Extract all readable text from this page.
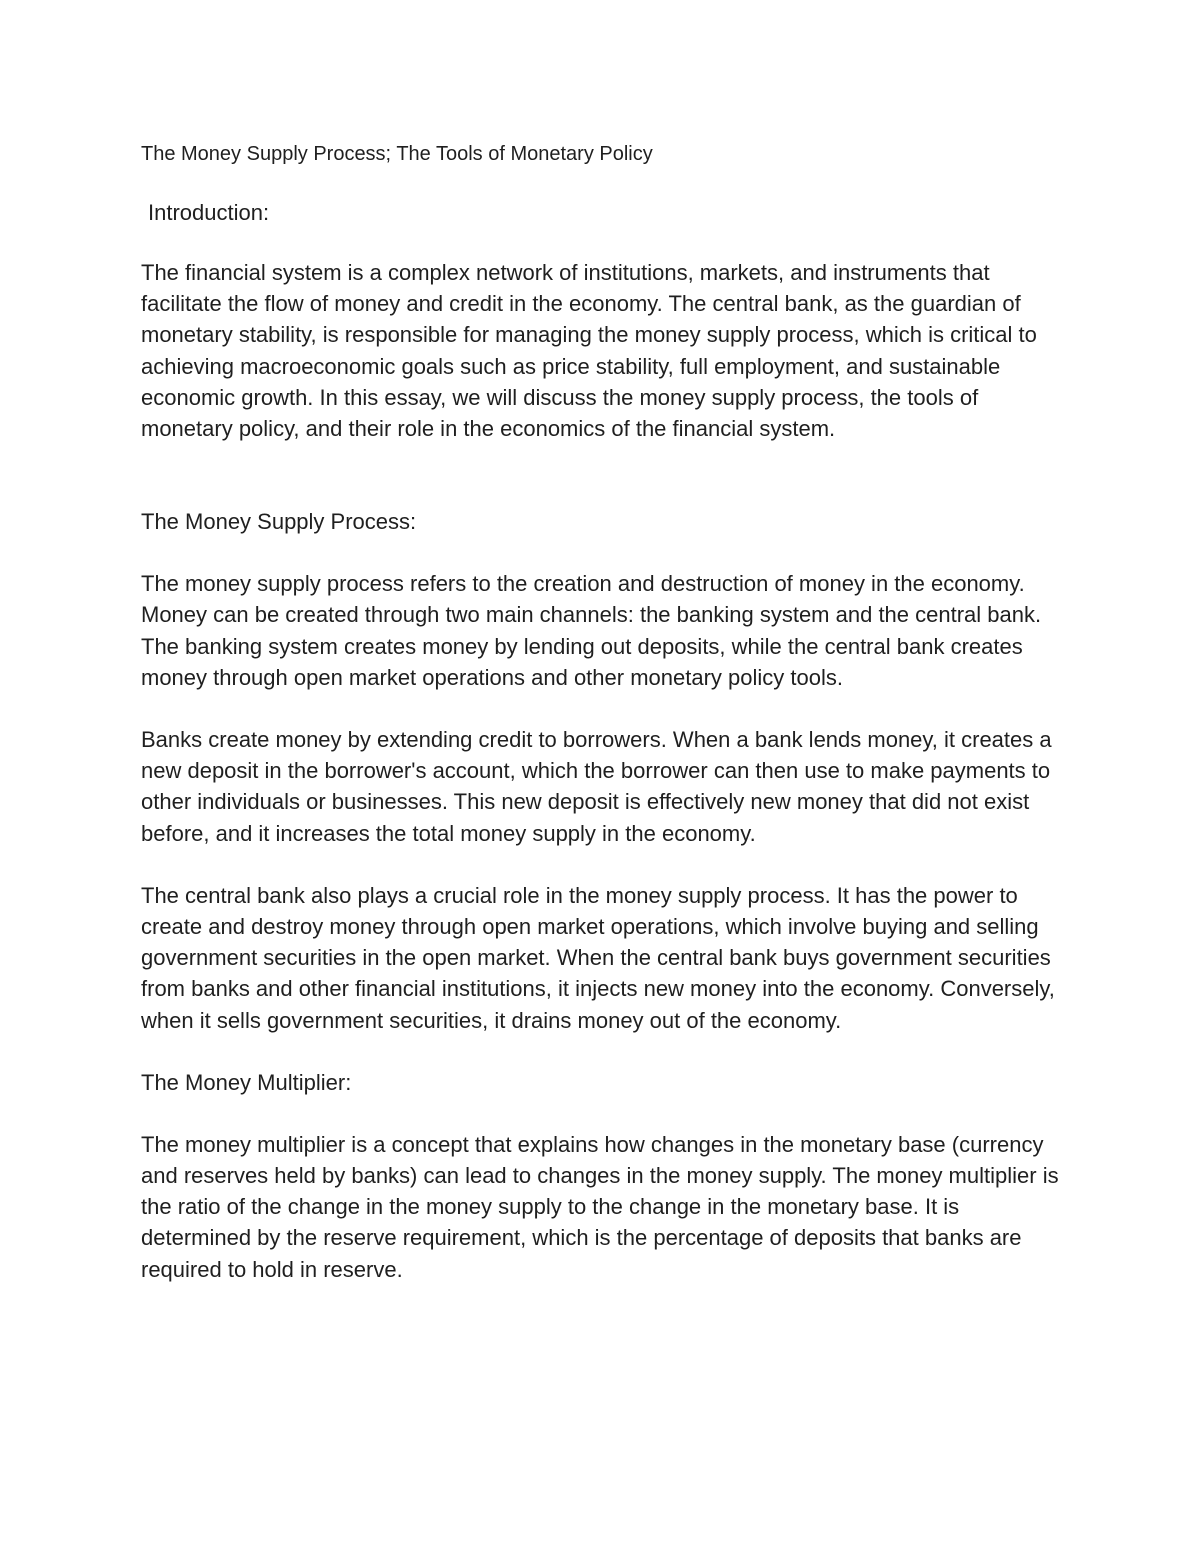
The Money Supply Process; The Tools of Monetary Policy
Introduction:

The financial system is a complex network of institutions, markets, and instruments that facilitate the flow of money and credit in the economy. The central bank, as the guardian of monetary stability, is responsible for managing the money supply process, which is critical to achieving macroeconomic goals such as price stability, full employment, and sustainable economic growth. In this essay, we will discuss the money supply process, the tools of monetary policy, and their role in the economics of the financial system.

The Money Supply Process:

The money supply process refers to the creation and destruction of money in the economy. Money can be created through two main channels: the banking system and the central bank. The banking system creates money by lending out deposits, while the central bank creates money through open market operations and other monetary policy tools.

Banks create money by extending credit to borrowers. When a bank lends money, it creates a new deposit in the borrower's account, which the borrower can then use to make payments to other individuals or businesses. This new deposit is effectively new money that did not exist before, and it increases the total money supply in the economy.

The central bank also plays a crucial role in the money supply process. It has the power to create and destroy money through open market operations, which involve buying and selling government securities in the open market. When the central bank buys government securities from banks and other financial institutions, it injects new money into the economy. Conversely, when it sells government securities, it drains money out of the economy.

The Money Multiplier:

The money multiplier is a concept that explains how changes in the monetary base (currency and reserves held by banks) can lead to changes in the money supply. The money multiplier is the ratio of the change in the money supply to the change in the monetary base. It is determined by the reserve requirement, which is the percentage of deposits that banks are required to hold in reserve.
